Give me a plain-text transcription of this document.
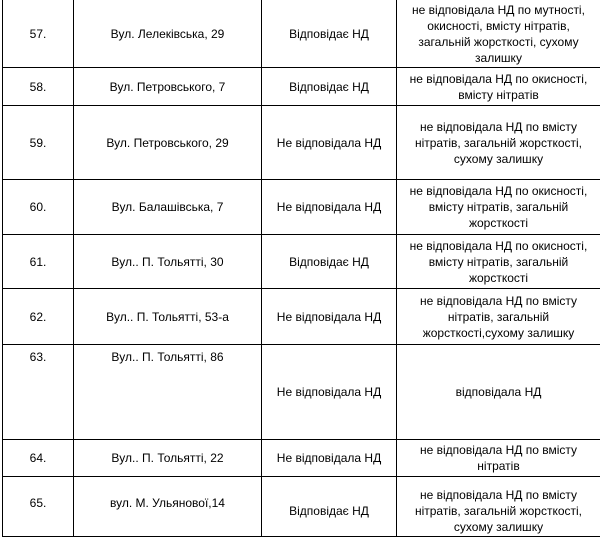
57.	Вул. Лелеківська, 29	Відповідає НД	не відповідала НД по мутності, окисності, вмісту нітратів, загальній жорсткості, сухому залишку

58.	Вул. Петровського, 7	Відповідає НД	не відповідала НД по окисності, вмісту нітратів

59.	Вул. Петровського, 29	Не відповідала НД	не відповідала НД по вмісту нітратів, загальній жорсткості, сухому залишку

60.	Вул. Балашівська, 7	Не відповідала НД	не відповідала НД по окисності, вмісту нітратів, загальній жорсткості

61.	Вул.. П. Тольятті, 30	Відповідає НД	не відповідала НД по окисності, вмісту нітратів, загальній жорсткості

62.	Вул.. П. Тольятті, 53-а	Не відповідала НД	не відповідала НД по вмісту нітратів, загальній жорсткості,сухому залишку

63.	Вул.. П. Тольятті, 86	Не відповідала НД	відповідала НД

64.	Вул.. П. Тольятті, 22	Не відповідала НД	не відповідала НД по вмісту нітратів

65.	вул. М. Ульянової,14	Відповідає НД	не відповідала НД по вмісту нітратів, загальній жорсткості, сухому залишку
